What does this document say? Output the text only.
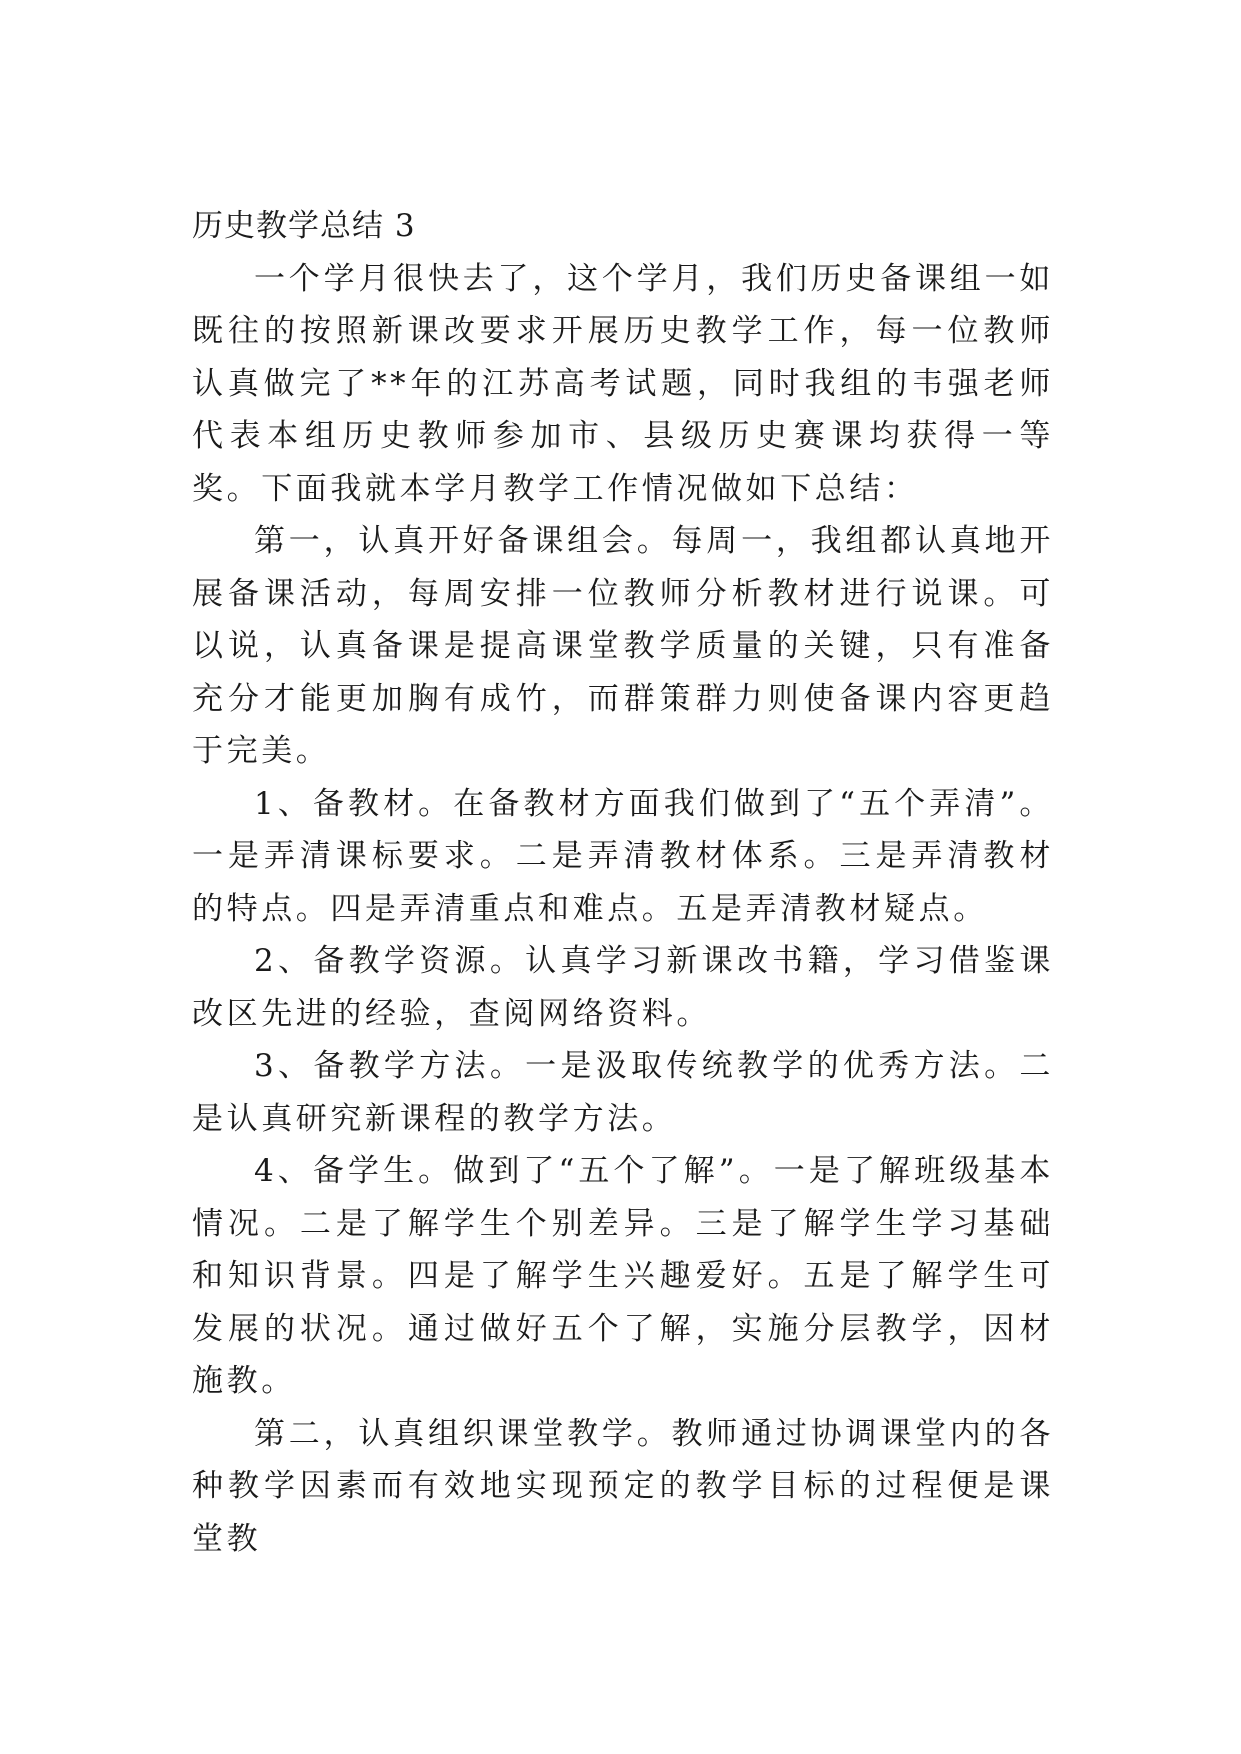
历史教学总结 3

一个学月很快去了，这个学月，我们历史备课组一如既往的按照新课改要求开展历史教学工作，每一位教师认真做完了**年的江苏高考试题，同时我组的韦强老师代表本组历史教师参加市、县级历史赛课均获得一等奖。下面我就本学月教学工作情况做如下总结：

第一，认真开好备课组会。每周一，我组都认真地开展备课活动，每周安排一位教师分析教材进行说课。可以说，认真备课是提高课堂教学质量的关键，只有准备充分才能更加胸有成竹，而群策群力则使备课内容更趋于完美。

1、备教材。在备教材方面我们做到了“五个弄清”。一是弄清课标要求。二是弄清教材体系。三是弄清教材的特点。四是弄清重点和难点。五是弄清教材疑点。

2、备教学资源。认真学习新课改书籍，学习借鉴课改区先进的经验，查阅网络资料。

3、备教学方法。一是汲取传统教学的优秀方法。二是认真研究新课程的教学方法。

4、备学生。做到了“五个了解”。一是了解班级基本情况。二是了解学生个别差异。三是了解学生学习基础和知识背景。四是了解学生兴趣爱好。五是了解学生可发展的状况。通过做好五个了解，实施分层教学，因材施教。

第二，认真组织课堂教学。教师通过协调课堂内的各种教学因素而有效地实现预定的教学目标的过程便是课堂教
